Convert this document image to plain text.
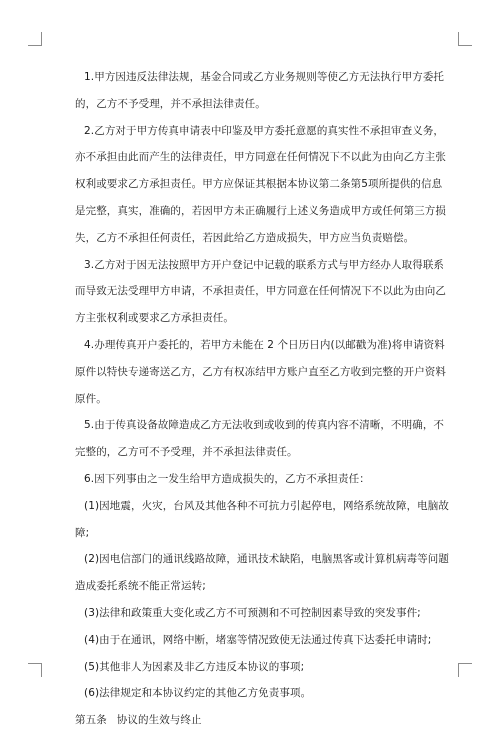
1.甲方因违反法律法规，基金合同或乙方业务规则等使乙方无法执行甲方委托的，乙方不予受理，并不承担法律责任。

2.乙方对于甲方传真申请表中印鉴及甲方委托意愿的真实性不承担审查义务，亦不承担由此而产生的法律责任，甲方同意在任何情况下不以此为由向乙方主张权利或要求乙方承担责任。甲方应保证其根据本协议第二条第5项所提供的信息是完整，真实，准确的，若因甲方未正确履行上述义务造成甲方或任何第三方损失，乙方不承担任何责任，若因此给乙方造成损失，甲方应当负责赔偿。

3.乙方对于因无法按照甲方开户登记中记载的联系方式与甲方经办人取得联系而导致无法受理甲方申请，不承担责任，甲方同意在任何情况下不以此为由向乙方主张权利或要求乙方承担责任。

4.办理传真开户委托的，若甲方未能在 2 个日历日内(以邮戳为准)将申请资料原件以特快专递寄送乙方，乙方有权冻结甲方账户直至乙方收到完整的开户资料原件。

5.由于传真设备故障造成乙方无法收到或收到的传真内容不清晰，不明确，不完整的，乙方可不予受理，并不承担法律责任。

6.因下列事由之一发生给甲方造成损失的，乙方不承担责任：

(1)因地震，火灾，台风及其他各种不可抗力引起停电，网络系统故障，电脑故障;

(2)因电信部门的通讯线路故障，通讯技术缺陷，电脑黑客或计算机病毒等问题造成委托系统不能正常运转;

(3)法律和政策重大变化或乙方不可预测和不可控制因素导致的突发事件;

(4)由于在通讯，网络中断，堵塞等情况致使无法通过传真下达委托申请时;

(5)其他非人为因素及非乙方违反本协议的事项;

(6)法律规定和本协议约定的其他乙方免责事项。

第五条 协议的生效与终止
